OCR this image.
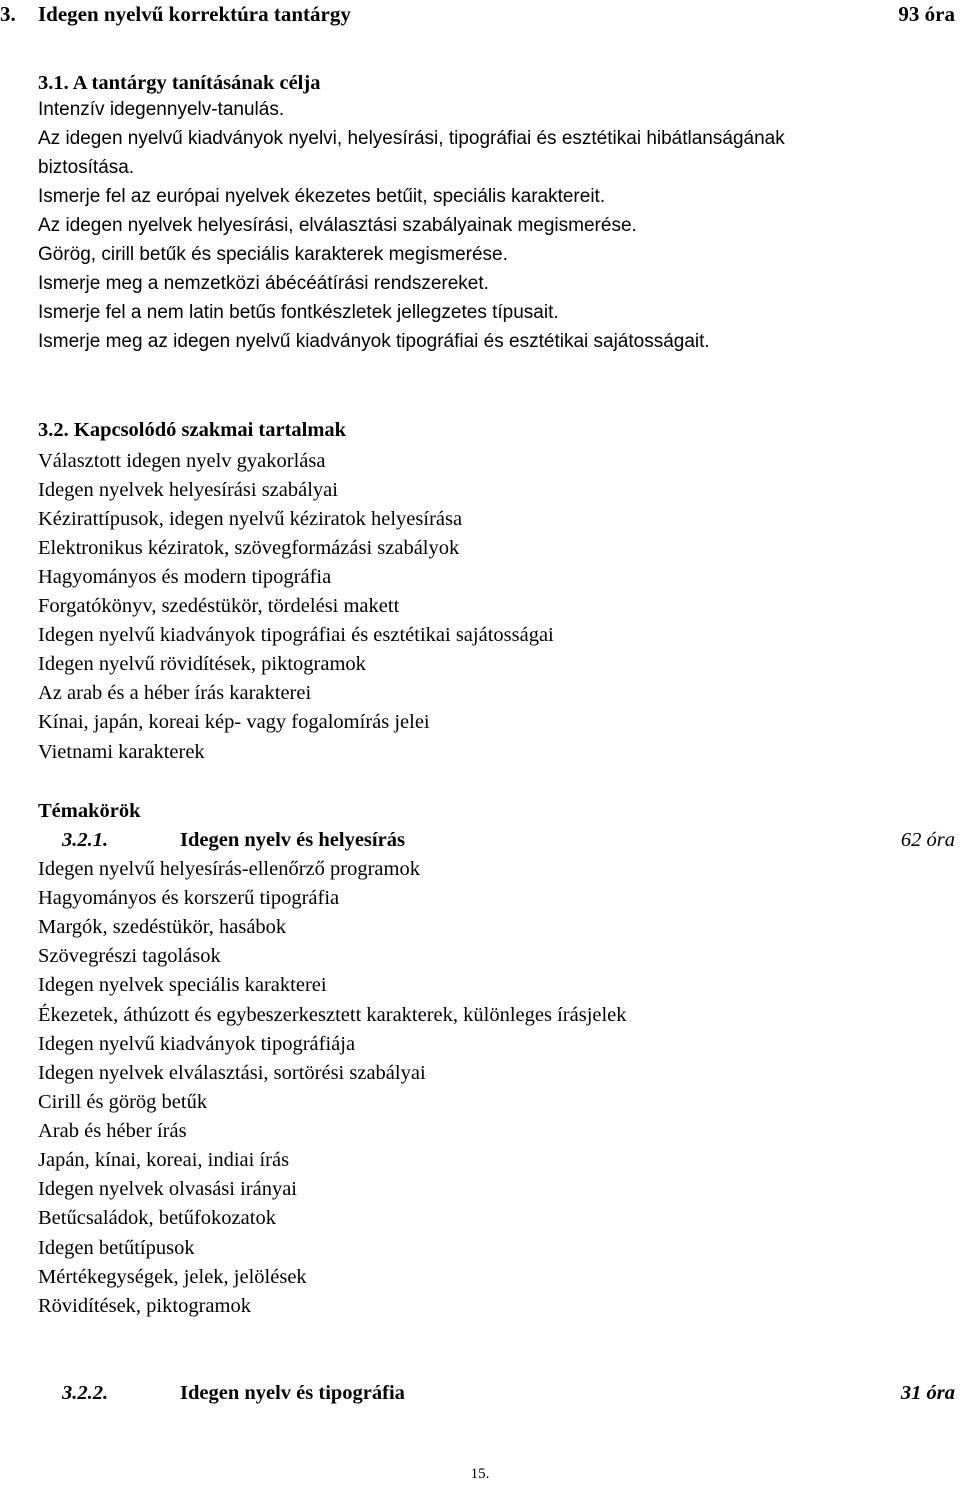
3. Idegen nyelvű korrektúra tantárgy	93 óra
3.1. A tantárgy tanításának célja
Intenzív idegennyelv-tanulás.
Az idegen nyelvű kiadványok nyelvi, helyesírási, tipográfiai és esztétikai hibátlanságának
biztosítása.
Ismerje fel az európai nyelvek ékezetes betűit, speciális karaktereit.
Az idegen nyelvek helyesírási, elválasztási szabályainak megismerése.
Görög, cirill betűk és speciális karakterek megismerése.
Ismerje meg a nemzetközi ábécéátírási rendszereket.
Ismerje fel a nem latin betűs fontkészletek jellegzetes típusait.
Ismerje meg az idegen nyelvű kiadványok tipográfiai és esztétikai sajátosságait.
3.2. Kapcsolódó szakmai tartalmak
Választott idegen nyelv gyakorlása
Idegen nyelvek helyesírási szabályai
Kézirattípusok, idegen nyelvű kéziratok helyesírása
Elektronikus kéziratok, szövegformázási szabályok
Hagyományos és modern tipográfia
Forgatókönyv, szedéstükör, tördelési makett
Idegen nyelvű kiadványok tipográfiai és esztétikai sajátosságai
Idegen nyelvű rövidítések, piktogramok
Az arab és a héber írás karakterei
Kínai, japán, koreai kép- vagy fogalomírás jelei
Vietnami karakterek
Témakörök
3.2.1.	Idegen nyelv és helyesírás	62 óra
Idegen nyelvű helyesírás-ellenőrző programok
Hagyományos és korszerű tipográfia
Margók, szedéstükör, hasábok
Szövegrészi tagolások
Idegen nyelvek speciális karakterei
Ékezetek, áthúzott és egybeszerkesztett karakterek, különleges írásjelek
Idegen nyelvű kiadványok tipográfiája
Idegen nyelvek elválasztási, sortörési szabályai
Cirill és görög betűk
Arab és héber írás
Japán, kínai, koreai, indiai írás
Idegen nyelvek olvasási irányai
Betűcsaládok, betűfokozatok
Idegen betűtípusok
Mértékegységek, jelek, jelölések
Rövidítések, piktogramok
3.2.2.	Idegen nyelv és tipográfia	31 óra
15.
